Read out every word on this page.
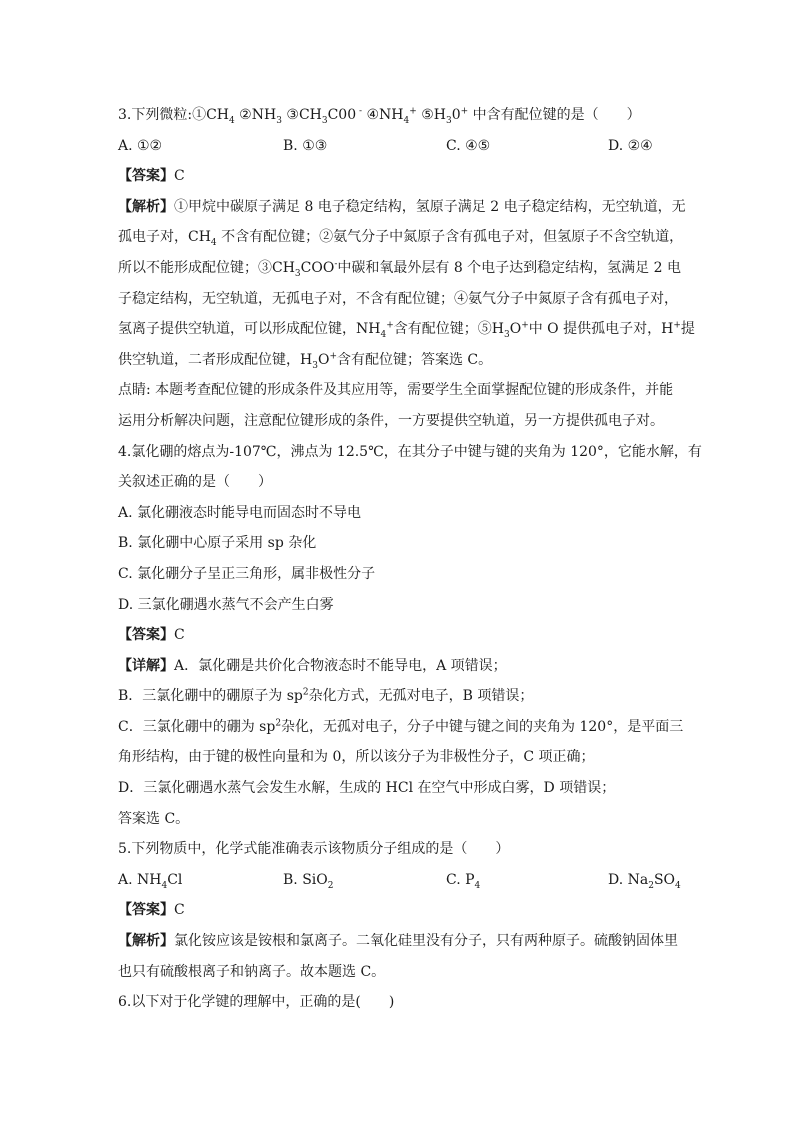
3.下列微粒$:①CH_4$ $②NH_3$ $③CH_3C00$ - $④NH_4^+$ $⑤H_30^+$ 中含有配位键的是（　　）
A. ①②	B. ①③	C. ④⑤	D. ②④
【答案】C
【解析】①甲烷中碳原子满足 8 电子稳定结构，氢原子满足 2 电子稳定结构，无空轨道，无
孤电子对，$CH_4$ 不含有配位键；②氨气分子中氮原子含有孤电子对，但氢原子不含空轨道，
所以不能形成配位键；$③CH_3COO^-$中碳和氧最外层有 8 个电子达到稳定结构，氢满足 2 电
子稳定结构，无空轨道，无孤电子对，不含有配位键；④氨气分子中氮原子含有孤电子对，
氢离子提供空轨道，可以形成配位键，$NH_4^+$含有配位键；$⑤H_3O^+$中 O 提供孤电子对，H+提
供空轨道，二者形成配位键，$H_3O^+$含有配位键；答案选 C。
点睛: 本题考查配位键的形成条件及其应用等，需要学生全面掌握配位键的形成条件，并能
运用分析解决问题，注意配位键形成的条件，一方要提供空轨道，另一方提供孤电子对。
4.氯化硼的熔点为-107℃，沸点为 12.5℃，在其分子中键与键的夹角为 120°，它能水解，有
关叙述正确的是（　　）
A. 氯化硼液态时能导电而固态时不导电
B. 氯化硼中心原子采用 sp 杂化
C. 氯化硼分子呈正三角形，属非极性分子
D. 三氯化硼遇水蒸气不会产生白雾
【答案】C
【详解】A．氯化硼是共价化合物液态时不能导电，A 项错误；
B．三氯化硼中的硼原子为 $sp^2$杂化方式，无孤对电子，B 项错误；
C．三氯化硼中的硼为 $sp^2$杂化，无孤对电子，分子中键与键之间的夹角为 120°，是平面三
角形结构，由于键的极性向量和为 0，所以该分子为非极性分子，C 项正确；
D．三氯化硼遇水蒸气会发生水解，生成的 HCl 在空气中形成白雾，D 项错误；
答案选 C。
5.下列物质中，化学式能准确表示该物质分子组成的是（　　）
A. $NH_4Cl$	B. SiO$_2$	C. $P_4$	D. $Na_2SO_4$
【答案】C
【解析】氯化铵应该是铵根和氯离子。二氧化硅里没有分子，只有两种原子。硫酸钠固体里
也只有硫酸根离子和钠离子。故本题选 C。
6.以下对于化学键的理解中，正确的是(　　)
